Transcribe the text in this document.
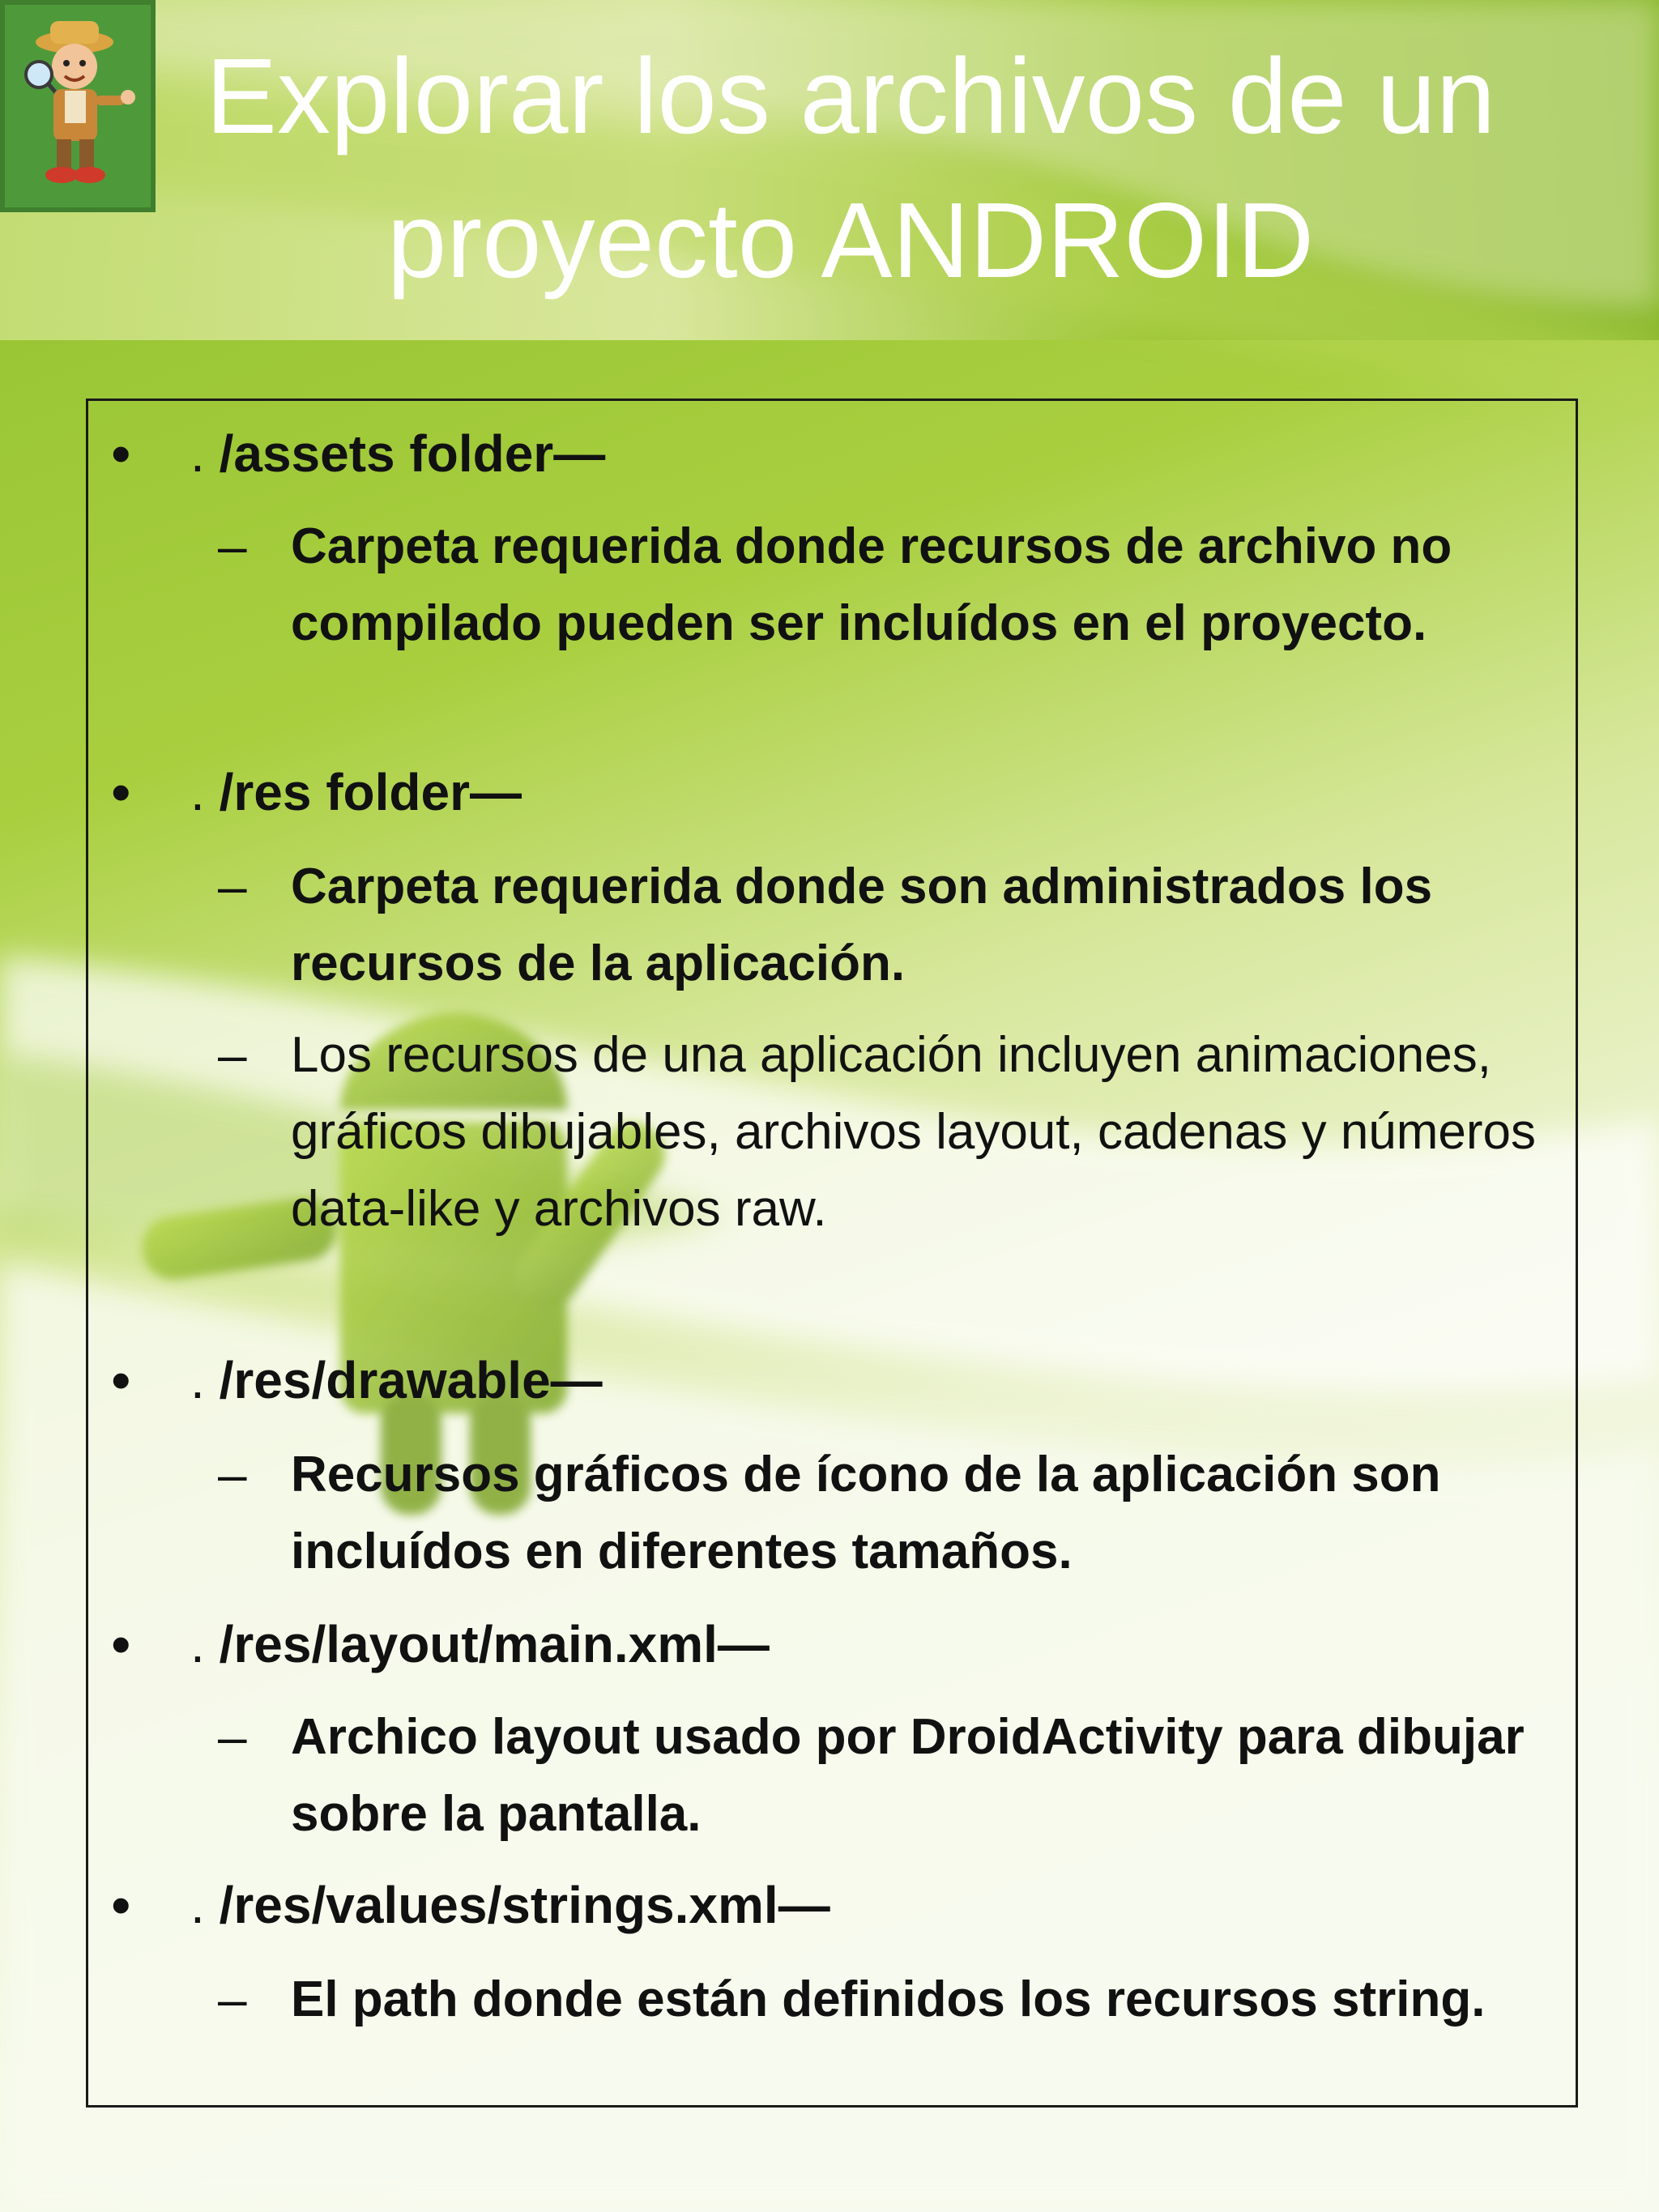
Explorar los archivos de un
proyecto ANDROID
• . /assets folder—
– Carpeta requerida donde recursos de archivo no compilado pueden ser incluídos en el proyecto.
• . /res folder—
– Carpeta requerida donde son administrados los recursos de la aplicación.
– Los recursos de una aplicación incluyen animaciones, gráficos dibujables, archivos layout, cadenas y números data-like y archivos raw.
• . /res/drawable—
– Recursos gráficos de ícono de la aplicación son incluídos en diferentes tamaños.
• . /res/layout/main.xml—
– Archico layout usado por DroidActivity para dibujar sobre la pantalla.
• . /res/values/strings.xml—
– El path donde están definidos los recursos string.
